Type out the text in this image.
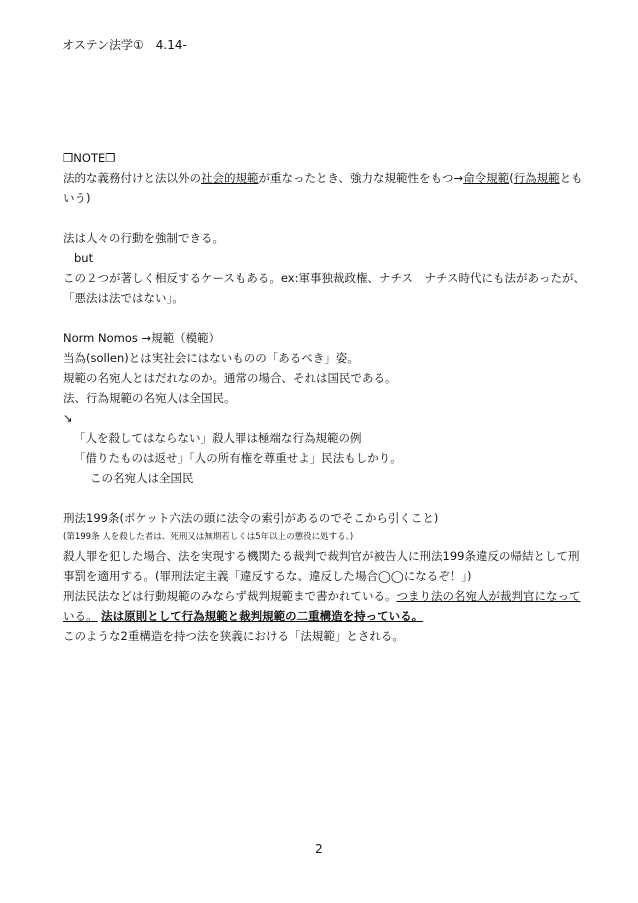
オステン法学①　4.14-
❐NOTE❐
法的な義務付けと法以外の社会的規範が重なったとき、強力な規範性をもつ→命令規範(行為規範とも
いう)
法は人々の行動を強制できる。
but
この２つが著しく相反するケースもある。ex:軍事独裁政権、ナチス　ナチス時代にも法があったが、
「悪法は法ではない」。
Norm Nomos →規範（模範）
当為(sollen)とは実社会にはないものの「あるべき」姿。
規範の名宛人とはだれなのか。通常の場合、それは国民である。
法、行為規範の名宛人は全国民。
↘
「人を殺してはならない」殺人罪は極端な行為規範の例
「借りたものは返せ」「人の所有権を尊重せよ」民法もしかり。
この名宛人は全国民
刑法199条(ポケット六法の頭に法令の索引があるのでそこから引くこと)
(第199条 人を殺した者は、死刑又は無期若しくは5年以上の懲役に処する。)
殺人罪を犯した場合、法を実現する機関たる裁判で裁判官が被告人に刑法199条違反の帰結として刑
事罰を適用する。(罪刑法定主義「違反するな、違反した場合◯◯になるぞ！」)
刑法民法などは行動規範のみならず裁判規範まで書かれている。つまり法の名宛人が裁判官になって
いる。 法は原則として行為規範と裁判規範の二重構造を持っている。
このような2重構造を持つ法を狭義における「法規範」とされる。
2
